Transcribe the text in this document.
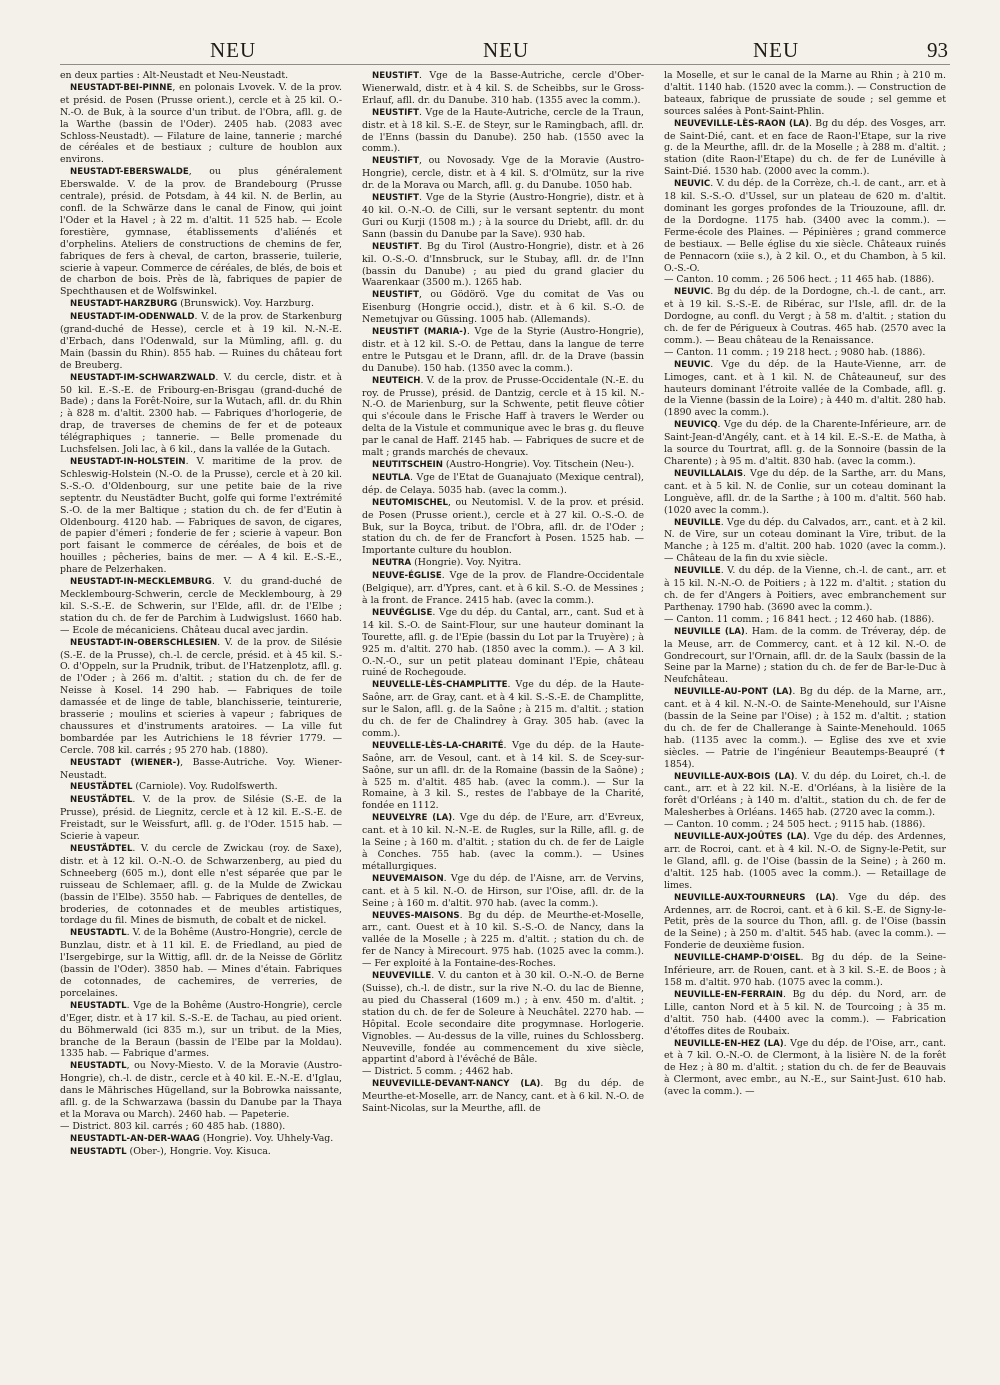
NEU	NEU	NEU	93

en deux parties : Alt-Neustadt et Neu-Neustadt.

NEUSTADT-BEI-PINNE, en polonais Lvovek. V. de la prov. et présid. de Posen (Prusse orient.), cercle et à 25 kil. O.-N.-O. de Buk, à la source d'un tribut. de l'Obra, afll. g. de la Warthe (bassin de l'Oder). 2405 hab. (2083 avec Schloss-Neustadt). — Filature de laine, tannerie ; marché de céréales et de bestiaux ; culture de houblon aux environs.

NEUSTADT-EBERSWALDE, ou plus généralement Eberswalde. V. de la prov. de Brandebourg (Prusse centrale), présid. de Potsdam, à 44 kil. N. de Berlin, au confl. de la Schwärze dans le canal de Finow, qui joint l'Oder et la Havel ; à 22 m. d'altit. 11 525 hab. — Ecole forestière, gymnase, établissements d'aliénés et d'orphelins. Ateliers de constructions de chemins de fer, fabriques de fers à cheval, de carton, brasserie, tuilerie, scierie à vapeur. Commerce de céréales, de blés, de bois et de charbon de bois. Près de là, fabriques de papier de Spechthausen et de Wolfswinkel.

NEUSTADT-HARZBURG (Brunswick). Voy. Harzburg.

NEUSTADT-IM-ODENWALD. V. de la prov. de Starkenburg (grand-duché de Hesse), cercle et à 19 kil. N.-N.-E. d'Erbach, dans l'Odenwald, sur la Mümling, afll. g. du Main (bassin du Rhin). 855 hab. — Ruines du château fort de Breuberg.

NEUSTADT-IM-SCHWARZWALD. V. du cercle, distr. et à 50 kil. E.-S.-E. de Fribourg-en-Brisgau (grand-duché de Bade) ; dans la Forêt-Noire, sur la Wutach, afll. dr. du Rhin ; à 828 m. d'altit. 2300 hab. — Fabriques d'horlogerie, de drap, de traverses de chemins de fer et de poteaux télégraphiques ; tannerie. — Belle promenade du Luchsfelsen. Joli lac, à 6 kil., dans la vallée de la Gutach.

NEUSTADT-IN-HOLSTEIN. V. maritime de la prov. de Schleswig-Holstein (N.-O. de la Prusse), cercle et à 20 kil. S.-S.-O. d'Oldenbourg, sur une petite baie de la rive septentr. du Neustädter Bucht, golfe qui forme l'extrémité S.-O. de la mer Baltique ; station du ch. de fer d'Eutin à Oldenbourg. 4120 hab. — Fabriques de savon, de cigares, de papier d'émeri ; fonderie de fer ; scierie à vapeur. Bon port faisant le commerce de céréales, de bois et de houilles ; pêcheries, bains de mer. — A 4 kil. E.-S.-E., phare de Pelzerhaken.

NEUSTADT-IN-MECKLEMBURG. V. du grand-duché de Mecklembourg-Schwerin, cercle de Mecklembourg, à 29 kil. S.-S.-E. de Schwerin, sur l'Elde, afll. dr. de l'Elbe ; station du ch. de fer de Parchim à Ludwigslust. 1660 hab. — Ecole de mécaniciens. Château ducal avec jardin.

NEUSTADT-IN-OBERSCHLESIEN. V. de la prov. de Silésie (S.-E. de la Prusse), ch.-l. de cercle, présid. et à 45 kil. S.-O. d'Oppeln, sur la Prudnik, tribut. de l'Hatzenplotz, afll. g. de l'Oder ; à 266 m. d'altit. ; station du ch. de fer de Neisse à Kosel. 14 290 hab. — Fabriques de toile damassée et de linge de table, blanchisserie, teinturerie, brasserie ; moulins et scieries à vapeur ; fabriques de chaussures et d'instruments aratoires. — La ville fut bombardée par les Autrichiens le 18 février 1779. — Cercle. 708 kil. carrés ; 95 270 hab. (1880).

NEUSTADT (WIENER-), Basse-Autriche. Voy. Wiener-Neustadt.

NEUSTÄDTEL (Carniole). Voy. Rudolfswerth.

NEUSTÄDTEL. V. de la prov. de Silésie (S.-E. de la Prusse), présid. de Liegnitz, cercle et à 12 kil. E.-S.-E. de Freistadt, sur le Weissfurt, afll. g. de l'Oder. 1515 hab. — Scierie à vapeur.

NEUSTÄDTEL. V. du cercle de Zwickau (roy. de Saxe), distr. et à 12 kil. O.-N.-O. de Schwarzenberg, au pied du Schneeberg (605 m.), dont elle n'est séparée que par le ruisseau de Schlemaer, afll. g. de la Mulde de Zwickau (bassin de l'Elbe). 3550 hab. — Fabriques de dentelles, de broderies, de cotonnades et de meubles artistiques, tordage du fil. Mines de bismuth, de cobalt et de nickel.

NEUSTADTL. V. de la Bohême (Austro-Hongrie), cercle de Bunzlau, distr. et à 11 kil. E. de Friedland, au pied de l'Isergebirge, sur la Wittig, afll. dr. de la Neisse de Görlitz (bassin de l'Oder). 3850 hab. — Mines d'étain. Fabriques de cotonnades, de cachemires, de verreries, de porcelaines.

NEUSTADTL. Vge de la Bohême (Austro-Hongrie), cercle d'Eger, distr. et à 17 kil. S.-S.-E. de Tachau, au pied orient. du Böhmerwald (ici 835 m.), sur un tribut. de la Mies, branche de la Beraun (bassin de l'Elbe par la Moldau). 1335 hab. — Fabrique d'armes.

NEUSTADTL, ou Novy-Miesto. V. de la Moravie (Austro-Hongrie), ch.-l. de distr., cercle et à 40 kil. E.-N.-E. d'Iglau, dans le Mährisches Hügelland, sur la Bobrowka naissante, afll. g. de la Schwarzawa (bassin du Danube par la Thaya et la Morava ou March). 2460 hab. — Papeterie.

— District. 803 kil. carrés ; 60 485 hab. (1880).

NEUSTADTL-AN-DER-WAAG (Hongrie). Voy. Uhhely-Vag.

NEUSTADTL (Ober-), Hongrie. Voy. Kisuca.

NEUSTIFT. Vge de la Basse-Autriche, cercle d'Ober-Wienerwald, distr. et à 4 kil. S. de Scheibbs, sur le Gross-Erlauf, afll. dr. du Danube. 310 hab. (1355 avec la comm.).

NEUSTIFT. Vge de la Haute-Autriche, cercle de la Traun, distr. et à 18 kil. S.-E. de Steyr, sur le Ramingbach, afll. dr. de l'Enns (bassin du Danube). 250 hab. (1550 avec la comm.).

NEUSTIFT, ou Novosady. Vge de la Moravie (Austro-Hongrie), cercle, distr. et à 4 kil. S. d'Olmütz, sur la rive dr. de la Morava ou March, afll. g. du Danube. 1050 hab.

NEUSTIFT. Vge de la Styrie (Austro-Hongrie), distr. et à 40 kil. O.-N.-O. de Cilli, sur le versant septentr. du mont Guri ou Kurji (1508 m.) ; à la source du Driebt, afll. dr. du Sann (bassin du Danube par la Save). 930 hab.

NEUSTIFT. Bg du Tirol (Austro-Hongrie), distr. et à 26 kil. O.-S.-O. d'Innsbruck, sur le Stubay, afll. dr. de l'Inn (bassin du Danube) ; au pied du grand glacier du Waarenkaar (3500 m.). 1265 hab.

NEUSTIFT, ou Gödörö. Vge du comitat de Vas ou Eisenburg (Hongrie occid.), distr. et à 6 kil. S.-O. de Nemetujvar ou Güssing. 1005 hab. (Allemands).

NEUSTIFT (MARIA-). Vge de la Styrie (Austro-Hongrie), distr. et à 12 kil. S.-O. de Pettau, dans la langue de terre entre le Putsgau et le Drann, afll. dr. de la Drave (bassin du Danube). 150 hab. (1350 avec la comm.).

NEUTEICH. V. de la prov. de Prusse-Occidentale (N.-E. du roy. de Prusse), présid. de Dantzig, cercle et à 15 kil. N.-N.-O. de Marienburg, sur la Schwente, petit fleuve côtier qui s'écoule dans le Frische Haff à travers le Werder ou delta de la Vistule et communique avec le bras g. du fleuve par le canal de Haff. 2145 hab. — Fabriques de sucre et de malt ; grands marchés de chevaux.

NEUTITSCHEIN (Austro-Hongrie). Voy. Titschein (Neu-).

NEUTLA. Vge de l'Etat de Guanajuato (Mexique central), dép. de Celaya. 5035 hab. (avec la comm.).

NEUTOMISCHEL, ou Neutomisl. V. de la prov. et présid. de Posen (Prusse orient.), cercle et à 27 kil. O.-S.-O. de Buk, sur la Boyca, tribut. de l'Obra, afll. dr. de l'Oder ; station du ch. de fer de Francfort à Posen. 1525 hab. — Importante culture du houblon.

NEUTRA (Hongrie). Voy. Nyitra.

NEUVE-ÉGLISE. Vge de la prov. de Flandre-Occidentale (Belgique), arr. d'Ypres, cant. et à 6 kil. S.-O. de Messines ; à la front. de France. 2415 hab. (avec la comm.).

NEUVÉGLISE. Vge du dép. du Cantal, arr., cant. Sud et à 14 kil. S.-O. de Saint-Flour, sur une hauteur dominant la Tourette, afll. g. de l'Epie (bassin du Lot par la Truyère) ; à 925 m. d'altit. 270 hab. (1850 avec la comm.). — A 3 kil. O.-N.-O., sur un petit plateau dominant l'Epie, château ruiné de Rochegoude.

NEUVELLE-LÈS-CHAMPLITTE. Vge du dép. de la Haute-Saône, arr. de Gray, cant. et à 4 kil. S.-S.-E. de Champlitte, sur le Salon, afll. g. de la Saône ; à 215 m. d'altit. ; station du ch. de fer de Chalindrey à Gray. 305 hab. (avec la comm.).

NEUVELLE-LÈS-LA-CHARITÉ. Vge du dép. de la Haute-Saône, arr. de Vesoul, cant. et à 14 kil. S. de Scey-sur-Saône, sur un afll. dr. de la Romaine (bassin de la Saône) ; à 525 m. d'altit. 485 hab. (avec la comm.). — Sur la Romaine, à 3 kil. S., restes de l'abbaye de la Charité, fondée en 1112.

NEUVELYRE (LA). Vge du dép. de l'Eure, arr. d'Evreux, cant. et à 10 kil. N.-N.-E. de Rugles, sur la Rille, afll. g. de la Seine ; à 160 m. d'altit. ; station du ch. de fer de Laigle à Conches. 755 hab. (avec la comm.). — Usines métallurgiques.

NEUVEMAISON. Vge du dép. de l'Aisne, arr. de Vervins, cant. et à 5 kil. N.-O. de Hirson, sur l'Oise, afll. dr. de la Seine ; à 160 m. d'altit. 970 hab. (avec la comm.).

NEUVES-MAISONS. Bg du dép. de Meurthe-et-Moselle, arr., cant. Ouest et à 10 kil. S.-S.-O. de Nancy, dans la vallée de la Moselle ; à 225 m. d'altit. ; station du ch. de fer de Nancy à Mirecourt. 975 hab. (1025 avec la comm.). — Fer exploité à la Fontaine-des-Roches.

NEUVEVILLE. V. du canton et à 30 kil. O.-N.-O. de Berne (Suisse), ch.-l. de distr., sur la rive N.-O. du lac de Bienne, au pied du Chasseral (1609 m.) ; à env. 450 m. d'altit. ; station du ch. de fer de Soleure à Neuchâtel. 2270 hab. — Hôpital. Ecole secondaire dite progymnase. Horlogerie. Vignobles. — Au-dessus de la ville, ruines du Schlossberg. Neuveville, fondée au commencement du xive siècle, appartint d'abord à l'évêché de Bâle.

— District. 5 comm. ; 4462 hab.

NEUVEVILLE-DEVANT-NANCY (LA). Bg du dép. de Meurthe-et-Moselle, arr. de Nancy, cant. et à 6 kil. N.-O. de Saint-Nicolas, sur la Meurthe, afll. de

la Moselle, et sur le canal de la Marne au Rhin ; à 210 m. d'altit. 1140 hab. (1520 avec la comm.). — Construction de bateaux, fabrique de prussiate de soude ; sel gemme et sources salées à Pont-Saint-Phlin.

NEUVEVILLE-LÈS-RAON (LA). Bg du dép. des Vosges, arr. de Saint-Dié, cant. et en face de Raon-l'Etape, sur la rive g. de la Meurthe, afll. dr. de la Moselle ; à 288 m. d'altit. ; station (dite Raon-l'Etape) du ch. de fer de Lunéville à Saint-Dié. 1530 hab. (2000 avec la comm.).

NEUVIC. V. du dép. de la Corrèze, ch.-l. de cant., arr. et à 18 kil. S.-S.-O. d'Ussel, sur un plateau de 620 m. d'altit. dominant les gorges profondes de la Triouzoune, afll. dr. de la Dordogne. 1175 hab. (3400 avec la comm.). — Ferme-école des Plaines. — Pépinières ; grand commerce de bestiaux. — Belle église du xie siècle. Châteaux ruinés de Pennacorn (xiie s.), à 2 kil. O., et du Chambon, à 5 kil. O.-S.-O.

— Canton. 10 comm. ; 26 506 hect. ; 11 465 hab. (1886).

NEUVIC. Bg du dép. de la Dordogne, ch.-l. de cant., arr. et à 19 kil. S.-S.-E. de Ribérac, sur l'Isle, afll. dr. de la Dordogne, au confl. du Vergt ; à 58 m. d'altit. ; station du ch. de fer de Périgueux à Coutras. 465 hab. (2570 avec la comm.). — Beau château de la Renaissance.

— Canton. 11 comm. ; 19 218 hect. ; 9080 hab. (1886).

NEUVIC. Vge du dép. de la Haute-Vienne, arr. de Limoges, cant. et à 1 kil. N. de Châteauneuf, sur des hauteurs dominant l'étroite vallée de la Combade, afll. g. de la Vienne (bassin de la Loire) ; à 440 m. d'altit. 280 hab. (1890 avec la comm.).

NEUVICQ. Vge du dép. de la Charente-Inférieure, arr. de Saint-Jean-d'Angély, cant. et à 14 kil. E.-S.-E. de Matha, à la source du Tourtrat, afll. g. de la Sonnoire (bassin de la Charente) ; à 95 m. d'altit. 830 hab. (avec la comm.).

NEUVILLALAIS. Vge du dép. de la Sarthe, arr. du Mans, cant. et à 5 kil. N. de Conlie, sur un coteau dominant la Longuève, afll. dr. de la Sarthe ; à 100 m. d'altit. 560 hab. (1020 avec la comm.).

NEUVILLE. Vge du dép. du Calvados, arr., cant. et à 2 kil. N. de Vire, sur un coteau dominant la Vire, tribut. de la Manche ; à 125 m. d'altit. 200 hab. 1020 (avec la comm.). — Château de la fin du xvie siècle.

NEUVILLE. V. du dép. de la Vienne, ch.-l. de cant., arr. et à 15 kil. N.-N.-O. de Poitiers ; à 122 m. d'altit. ; station du ch. de fer d'Angers à Poitiers, avec embranchement sur Parthenay. 1790 hab. (3690 avec la comm.).

— Canton. 11 comm. ; 16 841 hect. ; 12 460 hab. (1886).

NEUVILLE (LA). Ham. de la comm. de Tréveray, dép. de la Meuse, arr. de Commercy, cant. et à 12 kil. N.-O. de Gondrecourt, sur l'Ornain, afll. dr. de la Saulx (bassin de la Seine par la Marne) ; station du ch. de fer de Bar-le-Duc à Neufchâteau.

NEUVILLE-AU-PONT (LA). Bg du dép. de la Marne, arr., cant. et à 4 kil. N.-N.-O. de Sainte-Menehould, sur l'Aisne (bassin de la Seine par l'Oise) ; à 152 m. d'altit. ; station du ch. de fer de Challerange à Sainte-Menehould. 1065 hab. (1135 avec la comm.). — Eglise des xve et xvie siècles. — Patrie de l'ingénieur Beautemps-Beaupré (✝ 1854).

NEUVILLE-AUX-BOIS (LA). V. du dép. du Loiret, ch.-l. de cant., arr. et à 22 kil. N.-E. d'Orléans, à la lisière de la forêt d'Orléans ; à 140 m. d'altit., station du ch. de fer de Malesherbes à Orléans. 1465 hab. (2720 avec la comm.).

— Canton. 10 comm. ; 24 505 hect. ; 9115 hab. (1886).

NEUVILLE-AUX-JOÛTES (LA). Vge du dép. des Ardennes, arr. de Rocroi, cant. et à 4 kil. N.-O. de Signy-le-Petit, sur le Gland, afll. g. de l'Oise (bassin de la Seine) ; à 260 m. d'altit. 125 hab. (1005 avec la comm.). — Retaillage de limes.

NEUVILLE-AUX-TOURNEURS (LA). Vge du dép. des Ardennes, arr. de Rocroi, cant. et à 6 kil. S.-E. de Signy-le-Petit, près de la source du Thon, afll. g. de l'Oise (bassin de la Seine) ; à 250 m. d'altit. 545 hab. (avec la comm.). — Fonderie de deuxième fusion.

NEUVILLE-CHAMP-D'OISEL. Bg du dép. de la Seine-Inférieure, arr. de Rouen, cant. et à 3 kil. S.-E. de Boos ; à 158 m. d'altit. 970 hab. (1075 avec la comm.).

NEUVILLE-EN-FERRAIN. Bg du dép. du Nord, arr. de Lille, canton Nord et à 5 kil. N. de Tourcoing ; à 35 m. d'altit. 750 hab. (4400 avec la comm.). — Fabrication d'étoffes dites de Roubaix.

NEUVILLE-EN-HEZ (LA). Vge du dép. de l'Oise, arr., cant. et à 7 kil. O.-N.-O. de Clermont, à la lisière N. de la forêt de Hez ; à 80 m. d'altit. ; station du ch. de fer de Beauvais à Clermont, avec embr., au N.-E., sur Saint-Just. 610 hab. (avec la comm.). —
